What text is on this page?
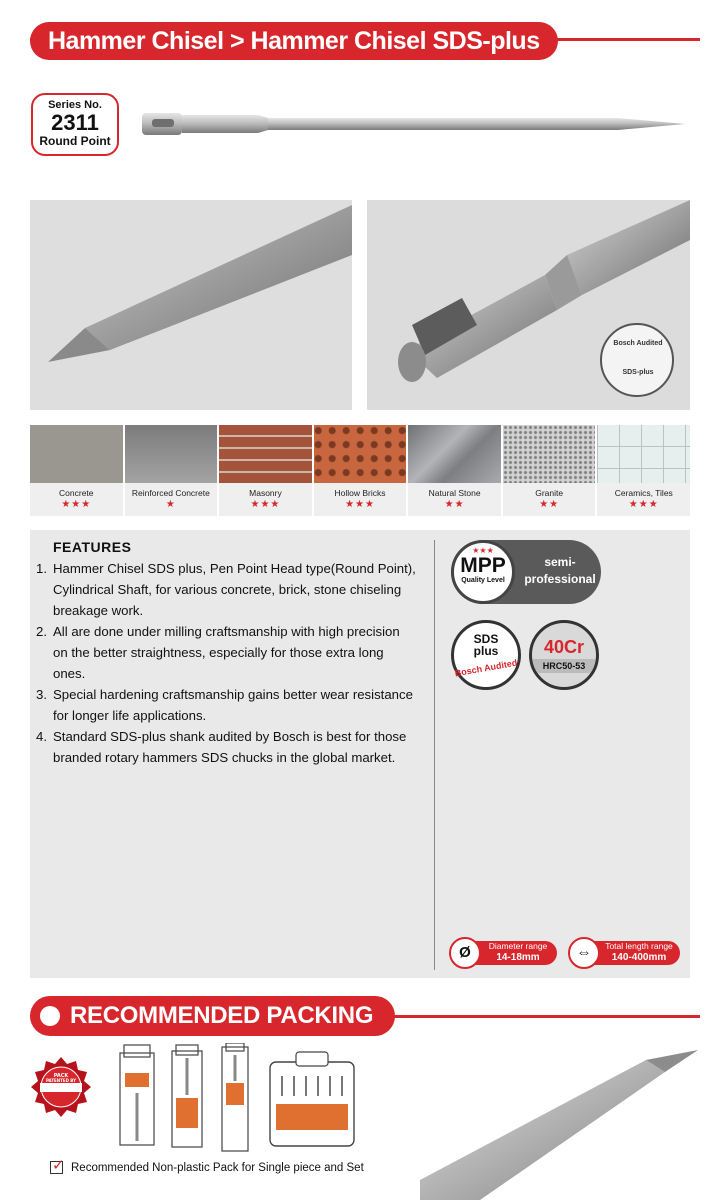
Hammer Chisel > Hammer Chisel SDS-plus
Series No.
2311
Round Point
Bosch Audited
SDS-plus
Concrete
★★★
Reinforced Concrete
★
Masonry
★★★
Hollow Bricks
★★★
Natural Stone
★★
Granite
★★
Ceramics, Tiles
★★★
FEATURES
1. Hammer Chisel SDS plus, Pen Point Head type(Round Point), Cylindrical Shaft, for various concrete, brick, stone chiseling breakage work.
2. All are done under milling craftsmanship with high precision on the better straightness, especially for those extra long ones.
3. Special hardening craftsmanship gains better wear resistance for longer life applications.
4. Standard SDS-plus shank audited by Bosch is best for those branded rotary hammers SDS chucks in the global market.
★★★
MPP
Quality Level
semi-professional
SDS
plus
Bosch Audited
40Cr
HRC50-53
Ø	Diameter range
14-18mm	⇔	Total length range
140-400mm
RECOMMENDED PACKING
PACK
PATENTED BY
✓ Recommended Non-plastic Pack for Single piece and Set
